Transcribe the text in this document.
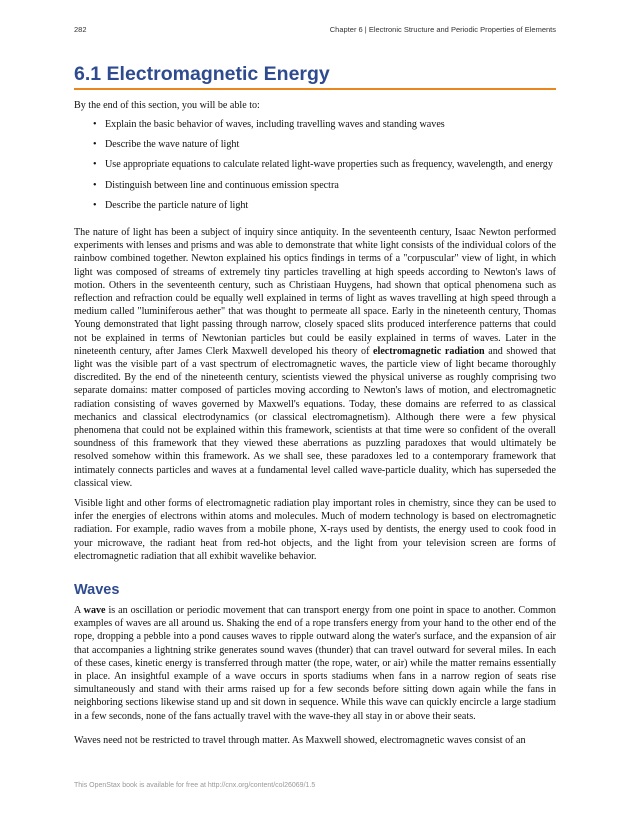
282	Chapter 6 | Electronic Structure and Periodic Properties of Elements
6.1 Electromagnetic Energy

By the end of this section, you will be able to:

• Explain the basic behavior of waves, including travelling waves and standing waves
• Describe the wave nature of light
• Use appropriate equations to calculate related light-wave properties such as frequency, wavelength, and energy
• Distinguish between line and continuous emission spectra
• Describe the particle nature of light

The nature of light has been a subject of inquiry since antiquity. In the seventeenth century, Isaac Newton performed experiments with lenses and prisms and was able to demonstrate that white light consists of the individual colors of the rainbow combined together. Newton explained his optics findings in terms of a "corpuscular" view of light, in which light was composed of streams of extremely tiny particles travelling at high speeds according to Newton's laws of motion. Others in the seventeenth century, such as Christiaan Huygens, had shown that optical phenomena such as reflection and refraction could be equally well explained in terms of light as waves travelling at high speed through a medium called "luminiferous aether" that was thought to permeate all space. Early in the nineteenth century, Thomas Young demonstrated that light passing through narrow, closely spaced slits produced interference patterns that could not be explained in terms of Newtonian particles but could be easily explained in terms of waves. Later in the nineteenth century, after James Clerk Maxwell developed his theory of electromagnetic radiation and showed that light was the visible part of a vast spectrum of electromagnetic waves, the particle view of light became thoroughly discredited. By the end of the nineteenth century, scientists viewed the physical universe as roughly comprising two separate domains: matter composed of particles moving according to Newton's laws of motion, and electromagnetic radiation consisting of waves governed by Maxwell's equations. Today, these domains are referred to as classical mechanics and classical electrodynamics (or classical electromagnetism). Although there were a few physical phenomena that could not be explained within this framework, scientists at that time were so confident of the overall soundness of this framework that they viewed these aberrations as puzzling paradoxes that would ultimately be resolved somehow within this framework. As we shall see, these paradoxes led to a contemporary framework that intimately connects particles and waves at a fundamental level called wave-particle duality, which has superseded the classical view.

Visible light and other forms of electromagnetic radiation play important roles in chemistry, since they can be used to infer the energies of electrons within atoms and molecules. Much of modern technology is based on electromagnetic radiation. For example, radio waves from a mobile phone, X-rays used by dentists, the energy used to cook food in your microwave, the radiant heat from red-hot objects, and the light from your television screen are forms of electromagnetic radiation that all exhibit wavelike behavior.

Waves

A wave is an oscillation or periodic movement that can transport energy from one point in space to another. Common examples of waves are all around us. Shaking the end of a rope transfers energy from your hand to the other end of the rope, dropping a pebble into a pond causes waves to ripple outward along the water's surface, and the expansion of air that accompanies a lightning strike generates sound waves (thunder) that can travel outward for several miles. In each of these cases, kinetic energy is transferred through matter (the rope, water, or air) while the matter remains essentially in place. An insightful example of a wave occurs in sports stadiums when fans in a narrow region of seats rise simultaneously and stand with their arms raised up for a few seconds before sitting down again while the fans in neighboring sections likewise stand up and sit down in sequence. While this wave can quickly encircle a large stadium in a few seconds, none of the fans actually travel with the wave-they all stay in or above their seats.

Waves need not be restricted to travel through matter. As Maxwell showed, electromagnetic waves consist of an

This OpenStax book is available for free at http://cnx.org/content/col26069/1.5
